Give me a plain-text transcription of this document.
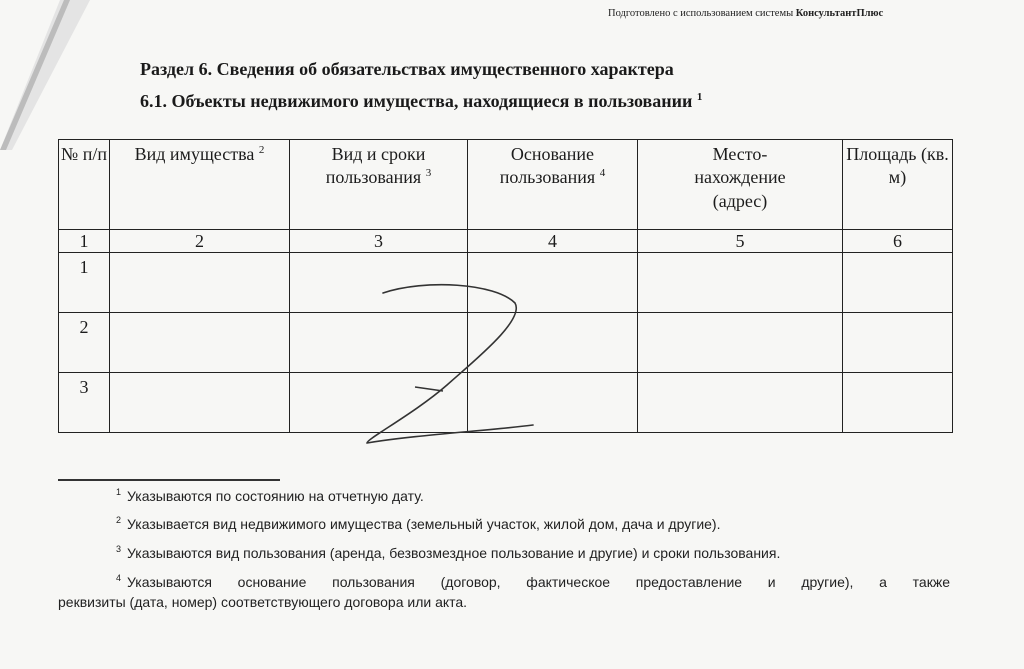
Подготовлено с использованием системы КонсультантПлюс
Раздел 6. Сведения об обязательствах имущественного характера
6.1. Объекты недвижимого имущества, находящиеся в пользовании $^1$
№ п/п	Вид имущества $^2$	Вид и сроки пользования $^3$	Основание пользования $^4$	Место-нахождение (адрес)	Площадь (кв. м)
1	2	3	4	5	6
1					
2					
3					
$^1$ Указываются по состоянию на отчетную дату.
$^2$ Указывается вид недвижимого имущества (земельный участок, жилой дом, дача и другие).
$^3$ Указываются вид пользования (аренда, безвозмездное пользование и другие) и сроки пользования.
$^4$ Указываются основание пользования (договор, фактическое предоставление и другие), а также
реквизиты (дата, номер) соответствующего договора или акта.
